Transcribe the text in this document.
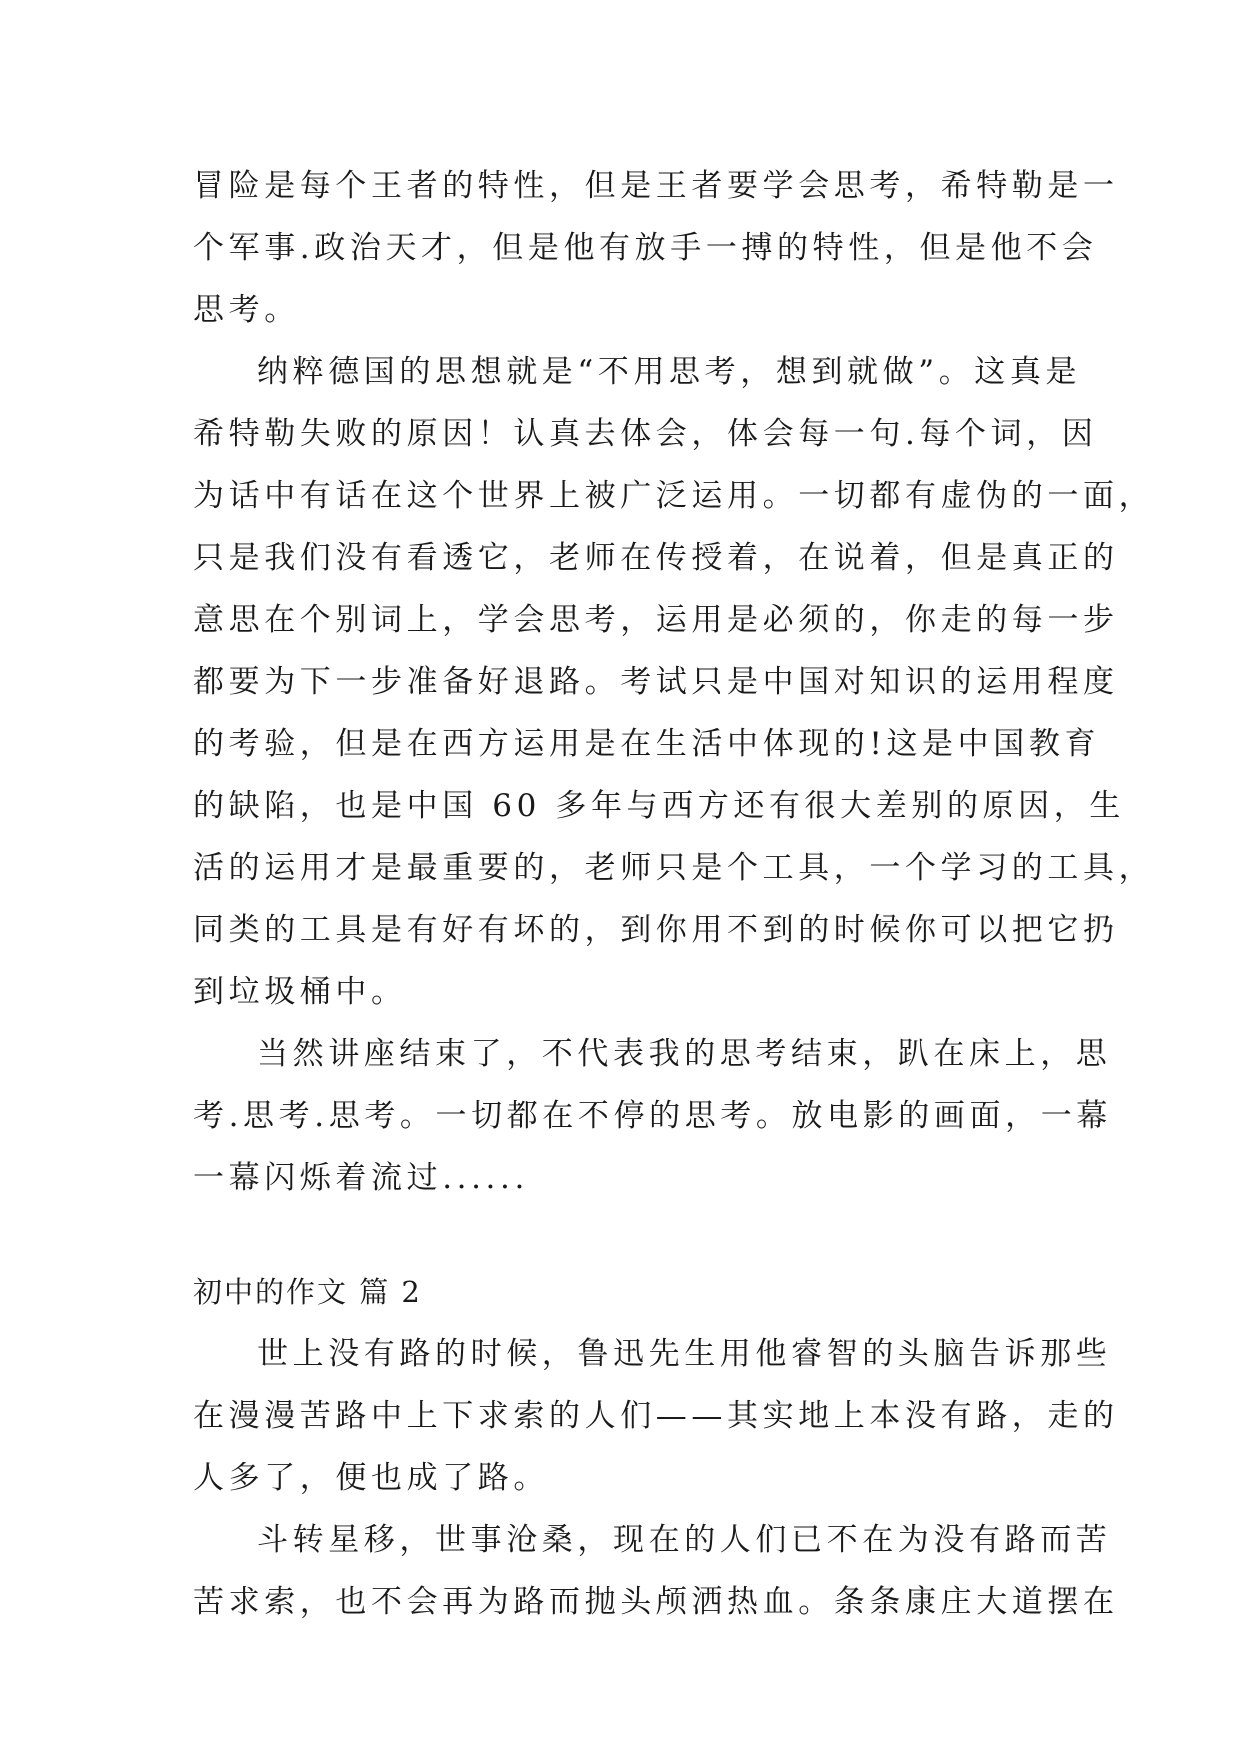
冒险是每个王者的特性，但是王者要学会思考，希特勒是一
个军事.政治天才，但是他有放手一搏的特性，但是他不会
思考。
纳粹德国的思想就是“不用思考，想到就做”。这真是
希特勒失败的原因！认真去体会，体会每一句.每个词，因
为话中有话在这个世界上被广泛运用。一切都有虚伪的一面，
只是我们没有看透它，老师在传授着，在说着，但是真正的
意思在个别词上，学会思考，运用是必须的，你走的每一步
都要为下一步准备好退路。考试只是中国对知识的运用程度
的考验，但是在西方运用是在生活中体现的!这是中国教育
的缺陷，也是中国 60 多年与西方还有很大差别的原因，生
活的运用才是最重要的，老师只是个工具，一个学习的工具，
同类的工具是有好有坏的，到你用不到的时候你可以把它扔
到垃圾桶中。
当然讲座结束了，不代表我的思考结束，趴在床上，思
考.思考.思考。一切都在不停的思考。放电影的画面，一幕
一幕闪烁着流过......
初中的作文 篇 2
世上没有路的时候，鲁迅先生用他睿智的头脑告诉那些
在漫漫苦路中上下求索的人们——其实地上本没有路，走的
人多了，便也成了路。
斗转星移，世事沧桑，现在的人们已不在为没有路而苦
苦求索，也不会再为路而抛头颅洒热血。条条康庄大道摆在
